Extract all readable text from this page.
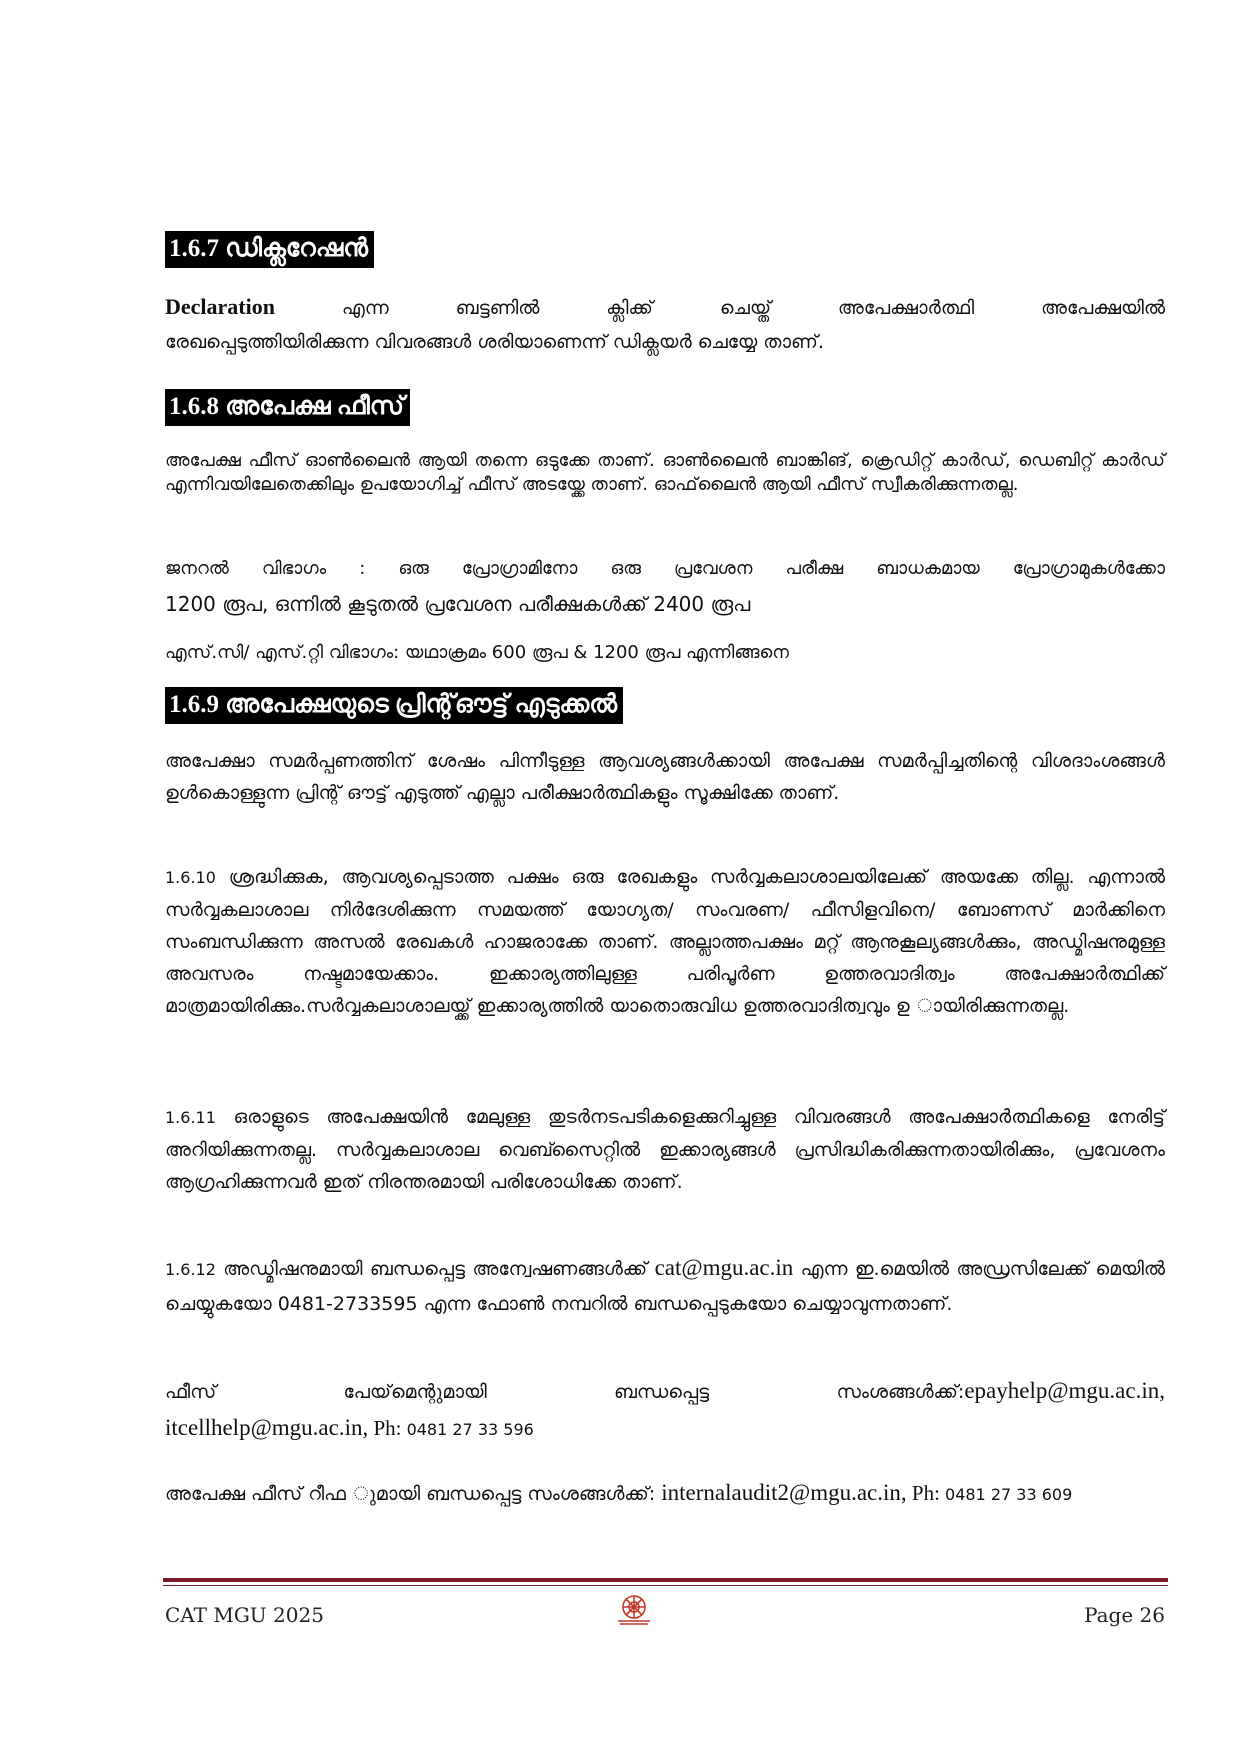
1.6.7 ഡിക്ലറേഷൻ
Declaration എന്ന ബട്ടണിൽ ക്ലിക്ക് ചെയ്ത് അപേക്ഷാർത്ഥി അപേക്ഷയിൽ
രേഖപ്പെടുത്തിയിരിക്കുന്ന വിവരങ്ങൾ ശരിയാണെന്ന് ഡിക്ലയർ ചെയ്യേ താണ്.
1.6.8 അപേക്ഷ ഫീസ്
അപേക്ഷ ഫീസ് ഓൺലൈൻ ആയി തന്നെ ഒടുക്കേ താണ്. ഓൺലൈൻ ബാങ്കിങ്, ക്രെഡിറ്റ് കാർഡ്, ഡെബിറ്റ് കാർഡ് എന്നിവയിലേതെക്കിലും ഉപയോഗിച്ച് ഫീസ് അടയ്ക്കേ താണ്. ഓഫ്‌ലൈൻ ആയി ഫീസ് സ്വീകരിക്കുന്നതല്ല.
ജനറൽ വിഭാഗം : ഒരു പ്രോഗ്രാമിനോ ഒരു പ്രവേശന പരീക്ഷ ബാധകമായ പ്രോഗ്രാമുകൾക്കോ
1200 രൂപ, ഒന്നിൽ കൂടുതൽ പ്രവേശന പരീക്ഷകൾക്ക് 2400 രൂപ
എസ്.സി/ എസ്.റ്റി വിഭാഗം: യഥാക്രമം 600 രൂപ & 1200 രൂപ എന്നിങ്ങനെ
1.6.9 അപേക്ഷയുടെ പ്രിന്റ്ഔട്ട് എടുക്കൽ
അപേക്ഷാ സമർപ്പണത്തിന് ശേഷം പിന്നീടുള്ള ആവശ്യങ്ങൾക്കായി അപേക്ഷ സമർപ്പിച്ചതിന്റെ വിശദാംശങ്ങൾ ഉൾകൊള്ളുന്ന പ്രിന്റ് ഔട്ട് എടുത്ത് എല്ലാ പരീക്ഷാർത്ഥികളും സൂക്ഷിക്കേ താണ്.
1.6.10 ശ്രദ്ധിക്കുക, ആവശ്യപ്പെടാത്ത പക്ഷം ഒരു രേഖകളും സർവ്വകലാശാലയിലേക്ക് അയക്കേ തില്ല. എന്നാൽ സർവ്വകലാശാല നിർദേശിക്കുന്ന സമയത്ത് യോഗ്യത/ സംവരണ/ ഫീസിളവിനെ/ ബോണസ് മാർക്കിനെ സംബന്ധിക്കുന്ന അസൽ രേഖകൾ ഹാജരാക്കേ താണ്. അല്ലാത്തപക്ഷം മറ്റ് ആനുകൂല്യങ്ങൾക്കും, അഡ്മിഷനുമുള്ള അവസരം നഷ്ടമായേക്കാം. ഇക്കാര്യത്തിലുള്ള പരിപൂർണ ഉത്തരവാദിത്വം അപേക്ഷാർത്ഥിക്ക് മാത്രമായിരിക്കും.സർവ്വകലാശാലയ്ക്ക് ഇക്കാര്യത്തിൽ യാതൊരുവിധ ഉത്തരവാദിത്വവും ഉ ായിരിക്കുന്നതല്ല.
1.6.11 ഒരാളുടെ അപേക്ഷയിൻ മേലുള്ള തുടർനടപടികളെക്കുറിച്ചുള്ള വിവരങ്ങൾ അപേക്ഷാർത്ഥികളെ നേരിട്ട് അറിയിക്കുന്നതല്ല. സർവ്വകലാശാല വെബ്സൈറ്റിൽ ഇക്കാര്യങ്ങൾ പ്രസിദ്ധികരിക്കുന്നതായിരിക്കും, പ്രവേശനം ആഗ്രഹിക്കുന്നവർ ഇത് നിരന്തരമായി പരിശോധിക്കേ താണ്.
1.6.12 അഡ്മിഷനുമായി ബന്ധപ്പെട്ട അന്വേഷണങ്ങൾക്ക് cat@mgu.ac.in എന്ന ഇ.മെയിൽ അഡ്രസിലേക്ക് മെയിൽ ചെയ്യുകയോ 0481-2733595 എന്ന ഫോൺ നമ്പറിൽ ബന്ധപ്പെടുകയോ ചെയ്യാവുന്നതാണ്.
ഫീസ് പേയ്‌മെന്റുമായി ബന്ധപ്പെട്ട സംശങ്ങൾക്ക്:epayhelp@mgu.ac.in,
itcellhelp@mgu.ac.in, Ph: 0481 27 33 596
അപേക്ഷ ഫീസ് റീഫ ുമായി ബന്ധപ്പെട്ട സംശങ്ങൾക്ക്: internalaudit2@mgu.ac.in, Ph: 0481 27 33 609
CAT MGU 2025	Page 26
